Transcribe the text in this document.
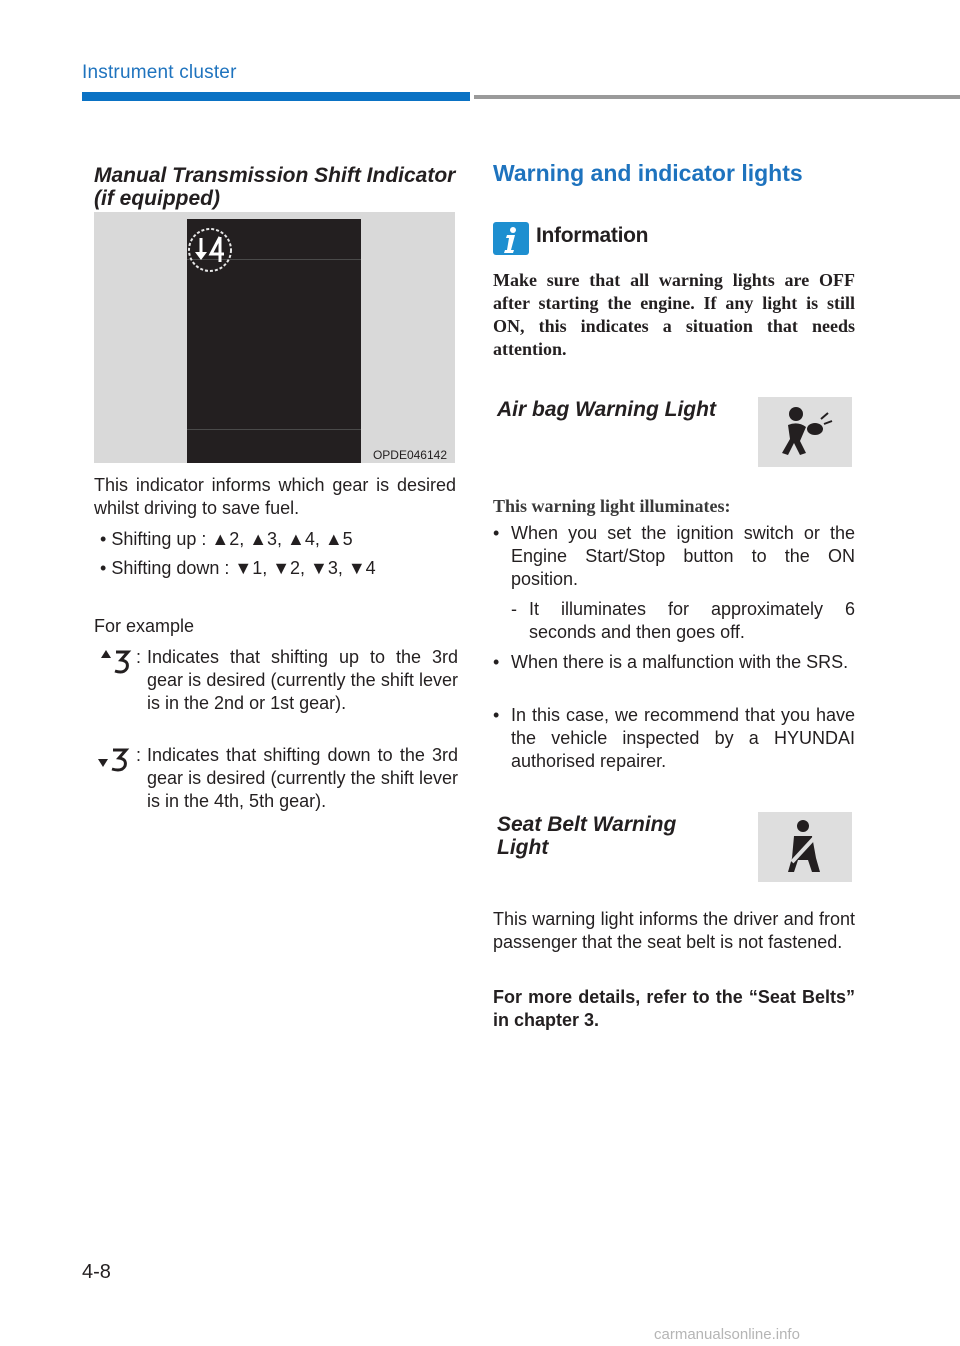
Instrument cluster
Manual Transmission Shift Indicator (if equipped)
OPDE046142
This indicator informs which gear is desired whilst driving to save fuel.
• Shifting up : ▲2, ▲3, ▲4, ▲5
• Shifting down : ▼1, ▼2, ▼3, ▼4
For example
: Indicates that shifting up to the 3rd gear is desired (currently the shift lever is in the 2nd or 1st gear).
: Indicates that shifting down to the 3rd gear is desired (currently the shift lever is in the 4th, 5th gear).
Warning and indicator lights
Information
Make sure that all warning lights are OFF after starting the engine. If any light is still ON, this indicates a situation that needs attention.
Air bag Warning Light
This warning light illuminates:
• When you set the ignition switch or the Engine Start/Stop button to the ON position.
- It illuminates for approximately 6 seconds and then goes off.
• When there is a malfunction with the SRS.
• In this case, we recommend that you have the vehicle inspected by a HYUNDAI authorised repairer.
Seat Belt Warning Light
This warning light informs the driver and front passenger that the seat belt is not fastened.
For more details, refer to the “Seat Belts” in chapter 3.
4-8
carmanualsonline.info
